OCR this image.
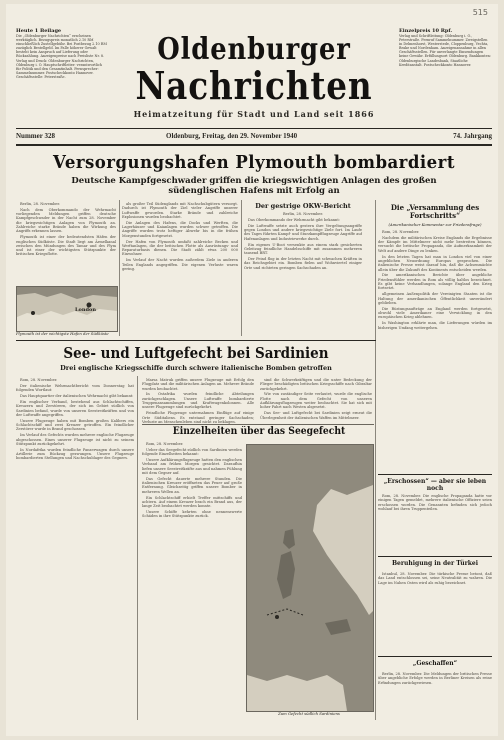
515
Heute 1 Beilage
Die „Oldenburger Nachrichten“ erscheinen werktäglich. Bezugspreis monatlich 2.10 RM einschließlich Zustellgebühr. Bei Postbezug 2.10 RM zuzüglich Bestellgeld. Im Falle höherer Gewalt besteht kein Anspruch auf Lieferung oder Rückzahlung. Anzeigenpreise nach Preisliste Nr. 8. Verlag und Druck: Oldenburger Nachrichten, Oldenburg i. O. Hauptschriftleiter: verantwortlich für Politik und den Gesamtinhalt. Fernsprecher: Sammelnummer. Postscheckkonto Hannover. Geschäftsstelle: Peterstraße.
Einzelpreis 10 Rpf.
Verlag und Schriftleitung: Oldenburg i. O., Peterstraße. Fernruf Sammelnummer. Zweigstellen in Delmenhorst, Westerstede, Cloppenburg, Vechta, Brake und Nordenham. Anzeigenannahme in allen Geschäftsstellen. Für unverlangte Einsendungen keine Gewähr. Erfüllungsort Oldenburg. Bankkonten: Oldenburgische Landesbank, Staatliche Kreditanstalt. Postscheckkonto Hannover.
Oldenburger
Nachrichten
Heimatzeitung für Stadt und Land seit 1866
Nummer 328	Oldenburg, Freitag, den 29. November 1940	74. Jahrgang
Versorgungshafen Plymouth bombardiert
Deutsche Kampfgeschwader griffen die kriegswichtigen Anlagen des großen südenglischen Hafens mit Erfolg an

Berlin, 28. November.

Nach dem Oberkommando der Wehrmacht vorliegenden Meldungen griffen deutsche Kampfgeschwader in der Nacht zum 28. November die kriegswichtigen Anlagen von Plymouth an. Zahlreiche starke Brände haben die Wirkung des Angriffs erkennen lassen.

Plymouth ist einer der bedeutendsten Häfen der englischen Südküste. Die Stadt liegt am Ärmelkanal zwischen den Mündungen des Tamar und des Plym und ist einer der wichtigsten Stützpunkte der britischen Kriegsflotte.

London
Plymouth ist der wichtigste Hafen der Südküste

als großer Teil Südenglands mit Nachschubgütern versorgt. Dadurch ist Plymouth der Ziel vieler Angriffe unserer Luftwaffe geworden. Starke Brände und zahlreiche Explosionen wurden beobachtet.

Die Anlagen des Hafens, die Docks und Werften, die Lagerhäuser und Kaianlagen wurden schwer getroffen. Die Angriffe wurden trotz heftiger Abwehr bis in die frühen Morgenstunden fortgesetzt.

Der Hafen von Plymouth umfaßt zahlreiche Becken und Werftanlagen, die der britischen Flotte als Ausrüstungs- und Reparaturbasis dienen. Die Stadt zählt etwa 200 000 Einwohner.

Im Verlauf der Nacht wurden außerdem Ziele in anderen Teilen Englands angegriffen. Die eigenen Verluste waren gering.

Der gestrige OKW-Bericht

Berlin, 28. November.

Das Oberkommando der Wehrmacht gibt bekannt:

Die Luftwaffe setzte auch gestern ihre Vergeltungsangriffe gegen London und andere kriegswichtige Ziele fort. Im Laufe des Tages führten Kampf- und Sturzkampfflugzeuge Angriffe auf Hafenanlagen und Industriewerke durch.

Ein eigenes U-Boot versenkte aus einem stark gesicherten Geleitzug feindliche Handelsschiffe mit zusammen mehreren tausend BRT.

Der Feind flog in der letzten Nacht mit schwachen Kräften in das Reichsgebiet ein. Bomben fielen auf Wohnviertel einiger Orte und richteten geringen Sachschaden an.

Die „Versammlung des Fortschritts“
(Amerikanischer Kommentar zur Friedensfrage)

Rom, 28. November.

Nachdem die militärischen Kreise Englands die Ergebnisse der Kämpfe im Mittelmeer nicht mehr bestreiten können, versucht die britische Propaganda, die Aufmerksamkeit der Welt auf andere Dinge zu lenken.

In den letzten Tagen hat man in London viel von einer angeblichen Neuordnung Europas gesprochen. Die italienische Presse weist darauf hin, daß die Achsenmächte allein über die Zukunft des Kontinents entscheiden werden.

Die amerikanischen Berichte über angebliche Friedensfühler werden in Rom als völlig haltlos bezeichnet. Es gibt keine Verhandlungen, solange England den Krieg fortsetzt.

allgemeinen Außenpolitik der Vereinigten Staaten ist die Haltung der amerikanischen Öffentlichkeit unverändert geblieben.

Die Rüstungsaufträge an England werden fortgesetzt, obwohl viele Amerikaner eine Verwicklung in den europäischen Krieg ablehnen.

In Washington erklärte man, die Lieferungen würden im bisherigen Umfang weitergehen.

See- und Luftgefecht bei Sardinien
Drei englische Kriegsschiffe durch schwere italienische Bomben getroffen

Rom, 28. November.

Der italienische Wehrmachtbericht vom Donnerstag hat folgenden Wortlaut:

Das Hauptquartier der italienischen Wehrmacht gibt bekannt:

Ein englischer Verband, bestehend aus Schlachtschiffen, Kreuzern und Zerstörern, der sich im Gebiet südlich von Sardinien befand, wurde von unseren Seestreitkräften und von der Luftwaffe angegriffen.

Unsere Flugzeuge haben mit Bomben großen Kalibers ein Schlachtschiff und zwei Kreuzer getroffen. Ein feindlicher Zerstörer wurde in Brand geschossen.

Im Verlauf des Gefechts wurden mehrere englische Flugzeuge abgeschossen. Eines unserer Flugzeuge ist nicht zu seinem Stützpunkt zurückgekehrt.

In Nordafrika wurden feindliche Panzerwagen durch unsere Artillerie zum Rückzug gezwungen. Unsere Flugzeuge bombardierten Stellungen und Nachschublager des Gegners.

Marsa Matruk griffen unsere Flugzeuge mit Erfolg den Flugplatz und die militärischen Anlagen an. Mehrere Brände wurden beobachtet.

In Ostafrika wurden feindliche Abteilungen zurückgeschlagen. Unsere Luftwaffe bombardierte Truppenansammlungen und Kraftwagenkolonnen. Alle unsere Flugzeuge sind zurückgekehrt.

Feindliche Flugzeuge unternahmen Einflüge auf einige Orte Süditaliens. Es entstand geringer Sachschaden; Verluste an Menschenleben sind nicht zu beklagen.

sind die Schwerkräftigen und die unter Bedeckung der Flieger beschädigten britischen Kriegsschiffe nach Gibraltar zurückgekehrt.

Wie von zuständiger Seite verlautet, wurde die englische Flotte nach dem Gefecht von unseren Aufklärungsflugzeugen weiter beobachtet. Sie hat sich mit hoher Fahrt nach Westen abgesetzt.

Das See- und Luftgefecht bei Sardinien zeigt erneut die Überlegenheit der italienischen Waffen im Mittelmeer.

Einzelheiten über das Seegefecht

Rom, 28. November.

Ueber das Seegefecht südlich von Sardinien werden folgende Einzelheiten bekannt:

Unsere Aufklärungsflugzeuge hatten den englischen Verband am frühen Morgen gesichtet. Daraufhin liefen unsere Seestreitkräfte aus und nahmen Fühlung mit dem Gegner auf.

Das Gefecht dauerte mehrere Stunden. Die italienischen Kreuzer eröffneten das Feuer auf große Entfernung. Gleichzeitig griffen unsere Bomber in mehreren Wellen an.

Ein Schlachtschiff erhielt Treffer mittschiffs und achtern. Auf einem Kreuzer brach ein Brand aus, der lange Zeit beobachtet werden konnte.

Unsere Schiffe kehrten ohne nennenswerte Schäden in ihre Stützpunkte zurück.

Zum Gefecht südlich Sardiniens
„Erschossen“ — aber sie leben noch

Rom, 28. November. Die englische Propaganda hatte vor einigen Tagen gemeldet, mehrere italienische Offiziere seien erschossen worden. Die Genannten befinden sich jedoch wohlauf bei ihren Truppenteilen.

Beruhigung in der Türkei

Istanbul, 28. November. Die türkische Presse betont, daß das Land entschlossen sei, seine Neutralität zu wahren. Die Lage im Nahen Osten wird als ruhig bezeichnet.

„Geschaffen“

Berlin, 28. November. Die Meldungen der britischen Presse über angebliche Erfolge werden in Berliner Kreisen als reine Erfindungen zurückgewiesen.
